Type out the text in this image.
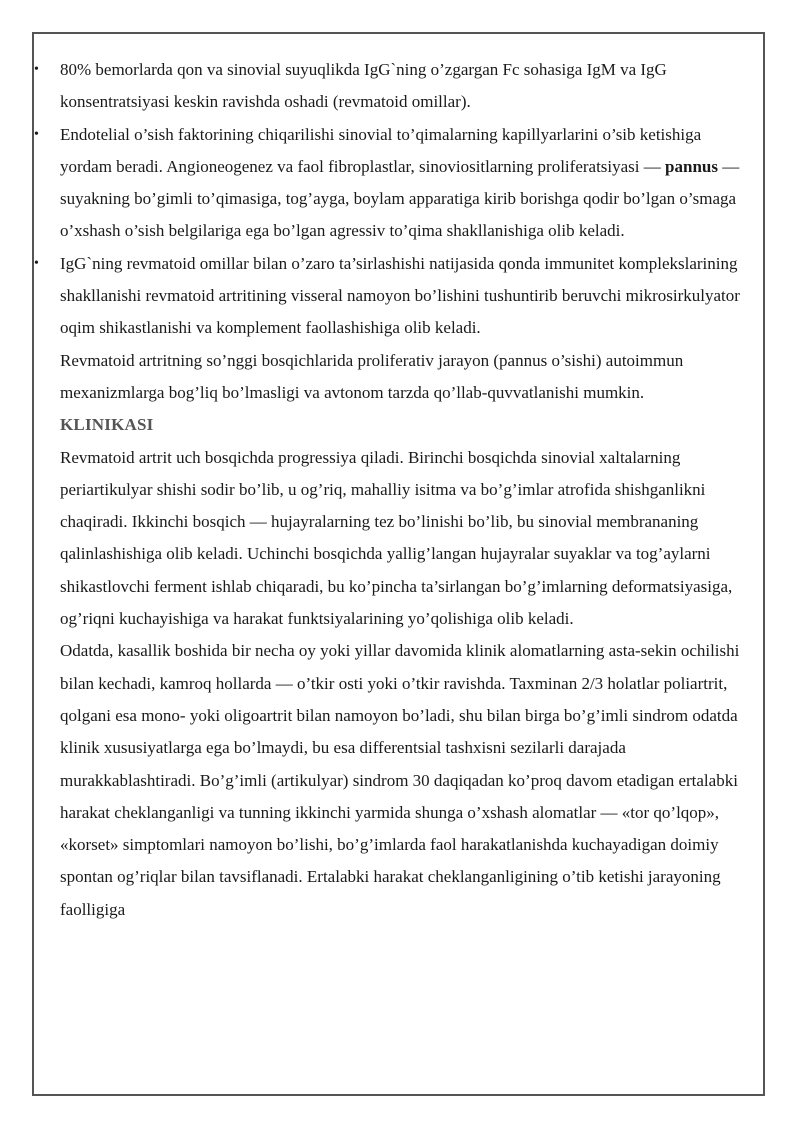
• 80% bemorlarda qon va sinovial suyuqlikda IgG`ning o’zgargan Fc sohasiga IgM va IgG konsentratsiyasi keskin ravishda oshadi (revmatoid omillar).

• Endotelial o’sish faktorining chiqarilishi sinovial to’qimalarning kapillyarlarini o’sib ketishiga yordam beradi. Angioneogenez va faol fibroplastlar, sinoviositlarning proliferatsiyasi — pannus — suyakning bo’gimli to’qimasiga, tog’ayga, boylam apparatiga kirib borishga qodir bo’lgan o’smaga o’xshash o’sish belgilariga ega bo’lgan agressiv to’qima shakllanishiga olib keladi.

• IgG`ning revmatoid omillar bilan o’zaro ta’sirlashishi natijasida qonda immunitet komplekslarining shakllanishi revmatoid artritining visseral namoyon bo’lishini tushuntirib beruvchi mikrosirkulyator oqim shikastlanishi va komplement faollashishiga olib keladi.

Revmatoid artritning so’nggi bosqichlarida proliferativ jarayon (pannus o’sishi) autoimmun mexanizmlarga bog’liq bo’lmasligi va avtonom tarzda qo’llab-quvvatlanishi mumkin.

KLINIKASI

Revmatoid artrit uch bosqichda progressiya qiladi. Birinchi bosqichda sinovial xaltalarning periartikulyar shishi sodir bo’lib, u og’riq, mahalliy isitma va bo’g’imlar atrofida shishganlikni chaqiradi. Ikkinchi bosqich — hujayralarning tez bo’linishi bo’lib, bu sinovial membrananing qalinlashishiga olib keladi. Uchinchi bosqichda yallig’langan hujayralar suyaklar va tog’aylarni shikastlovchi ferment ishlab chiqaradi, bu ko’pincha ta’sirlangan bo’g’imlarning deformatsiyasiga, og’riqni kuchayishiga va harakat funktsiyalarining yo’qolishiga olib keladi.

Odatda, kasallik boshida bir necha oy yoki yillar davomida klinik alomatlarning asta-sekin ochilishi bilan kechadi, kamroq hollarda — o’tkir osti yoki o’tkir ravishda. Taxminan 2/3 holatlar poliartrit, qolgani esa mono- yoki oligoartrit bilan namoyon bo’ladi, shu bilan birga bo’g’imli sindrom odatda klinik xususiyatlarga ega bo’lmaydi, bu esa differentsial tashxisni sezilarli darajada murakkablashtiradi. Bo’g’imli (artikulyar) sindrom 30 daqiqadan ko’proq davom etadigan ertalabki harakat cheklanganligi va tunning ikkinchi yarmida shunga o’xshash alomatlar — «tor qo’lqop», «korset» simptomlari namoyon bo’lishi, bo’g’imlarda faol harakatlanishda kuchayadigan doimiy spontan og’riqlar bilan tavsiflanadi. Ertalabki harakat cheklanganligining o’tib ketishi jarayoning faolligiga
